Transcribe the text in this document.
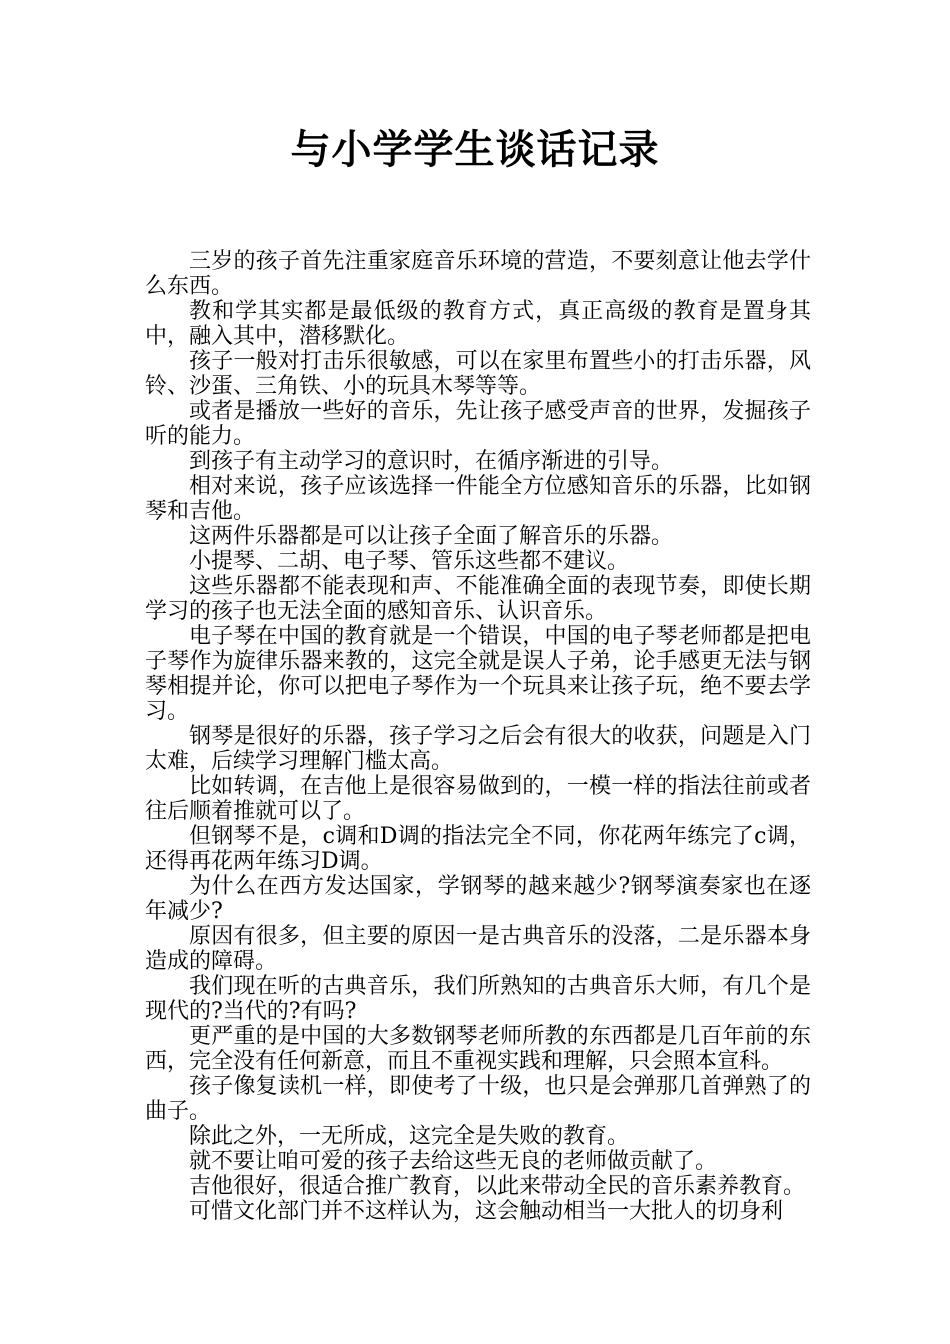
与小学学生谈话记录

三岁的孩子首先注重家庭音乐环境的营造，不要刻意让他去学什么东西。

教和学其实都是最低级的教育方式，真正高级的教育是置身其中，融入其中，潜移默化。

孩子一般对打击乐很敏感，可以在家里布置些小的打击乐器，风铃、沙蛋、三角铁、小的玩具木琴等等。

或者是播放一些好的音乐，先让孩子感受声音的世界，发掘孩子听的能力。

到孩子有主动学习的意识时，在循序渐进的引导。

相对来说，孩子应该选择一件能全方位感知音乐的乐器，比如钢琴和吉他。

这两件乐器都是可以让孩子全面了解音乐的乐器。

小提琴、二胡、电子琴、管乐这些都不建议。

这些乐器都不能表现和声、不能准确全面的表现节奏，即使长期学习的孩子也无法全面的感知音乐、认识音乐。

电子琴在中国的教育就是一个错误，中国的电子琴老师都是把电子琴作为旋律乐器来教的，这完全就是误人子弟，论手感更无法与钢琴相提并论，你可以把电子琴作为一个玩具来让孩子玩，绝不要去学习。

钢琴是很好的乐器，孩子学习之后会有很大的收获，问题是入门太难，后续学习理解门槛太高。

比如转调，在吉他上是很容易做到的，一模一样的指法往前或者往后顺着推就可以了。

但钢琴不是，c调和D调的指法完全不同，你花两年练完了c调，还得再花两年练习D调。

为什么在西方发达国家，学钢琴的越来越少?钢琴演奏家也在逐年减少?

原因有很多，但主要的原因一是古典音乐的没落，二是乐器本身造成的障碍。

我们现在听的古典音乐，我们所熟知的古典音乐大师，有几个是现代的?当代的?有吗?

更严重的是中国的大多数钢琴老师所教的东西都是几百年前的东西，完全没有任何新意，而且不重视实践和理解，只会照本宣科。

孩子像复读机一样，即使考了十级，也只是会弹那几首弹熟了的曲子。

除此之外，一无所成，这完全是失败的教育。

就不要让咱可爱的孩子去给这些无良的老师做贡献了。

吉他很好，很适合推广教育，以此来带动全民的音乐素养教育。

可惜文化部门并不这样认为，这会触动相当一大批人的切身利
